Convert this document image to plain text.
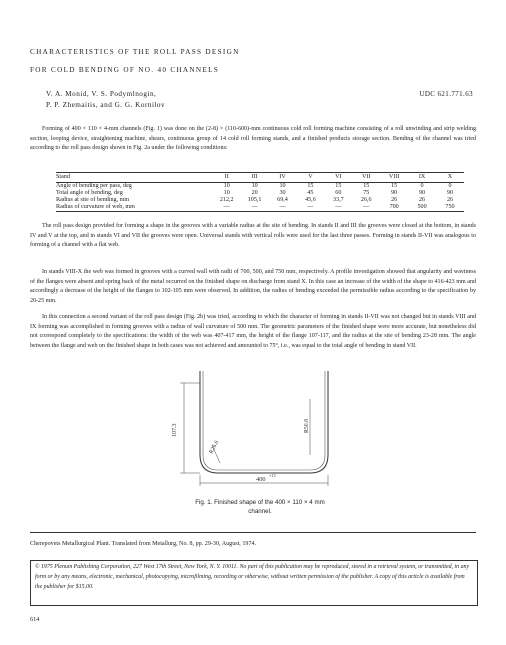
CHARACTERISTICS OF THE ROLL PASS DESIGN
FOR COLD BENDING OF NO. 40 CHANNELS
V. A. Monid, V. S. Podymlnogin,
P. P. Zhemaitis, and G. G. Kornilov
UDC 621.771.63

Forming of 400 × 110 × 4-mm channels (Fig. 1) was done on the (2-8) × (110-600)-mm continuous cold roll forming machine consisting of a roll unwinding and strip welding section, looping device, straightening machine, shears, continuous group of 14 cold roll forming stands, and a finished products storage section. Bending of the channel was tried according to the roll pass design shown in Fig. 2a under the following conditions:

Stand	II	III	IV	V	VI	VII	VIII	IX	X
Angle of bending per pass, deg	10	10	10	15	15	15	15	0	0
Total angle of bending, deg	10	20	30	45	60	75	90	90	90
Radius at site of bending, mm	212,2	105,1	69,4	45,6	33,7	26,6	26	26	26
Radius of curvature of web, mm	—	—	—	—	—	—	700	500	750

The roll pass design provided for forming a shape in the grooves with a variable radius at the site of bending. In stands II and III the grooves were closed at the bottom, in stands IV and V at the top, and in stands VI and VII the grooves were open. Universal stands with vertical rolls were used for the last three passes. Forming in stands II-VII was analogous to forming of a channel with a flat web.

In stands VIII-X the web was formed in grooves with a curved wall with radii of 700, 500, and 750 mm, respectively. A profile investigation showed that angularity and waviness of the flanges were absent and spring back of the metal occurred on the finished shape on discharge from stand X. In this case an increase of the width of the shape to 416-423 mm and accordingly a decrease of the height of the flanges to 102-105 mm were observed. In addition, the radius of bending exceeded the permissible radius according to the specification by 20-25 mm.

In this connection a second variant of the roll pass design (Fig. 2b) was tried, according to which the character of forming in stands II-VII was not changed but in stands VIII and IX forming was accomplished in forming grooves with a radius of wall curvature of 500 mm. The geometric parameters of the finished shape were more accurate, but nonetheless did not correspond completely to the specifications: the width of the web was 407-417 mm, the height of the flange 107-117, and the radius at the site of bending 23-28 mm. The angle between the flange and web on the finished shape in both cases was not achieved and amounted to 75°, i.e., was equal to the total angle of bending in stand VII.

107.3
R26.6
R50.8
400
+13
Fig. 1. Finished shape of the 400 × 110 × 4 mm
channel.
Cherepovets Metallurgical Plant. Translated from Metallurg, No. 8, pp. 29-30, August, 1974.
© 1975 Plenum Publishing Corporation, 227 West 17th Street, New York, N. Y. 10011. No part of this publication may be reproduced, stored in a retrieval system, or transmitted, in any form or by any means, electronic, mechanical, photocopying, microfilming, recording or otherwise, without written permission of the publisher. A copy of this article is available from the publisher for $15.00.
614
